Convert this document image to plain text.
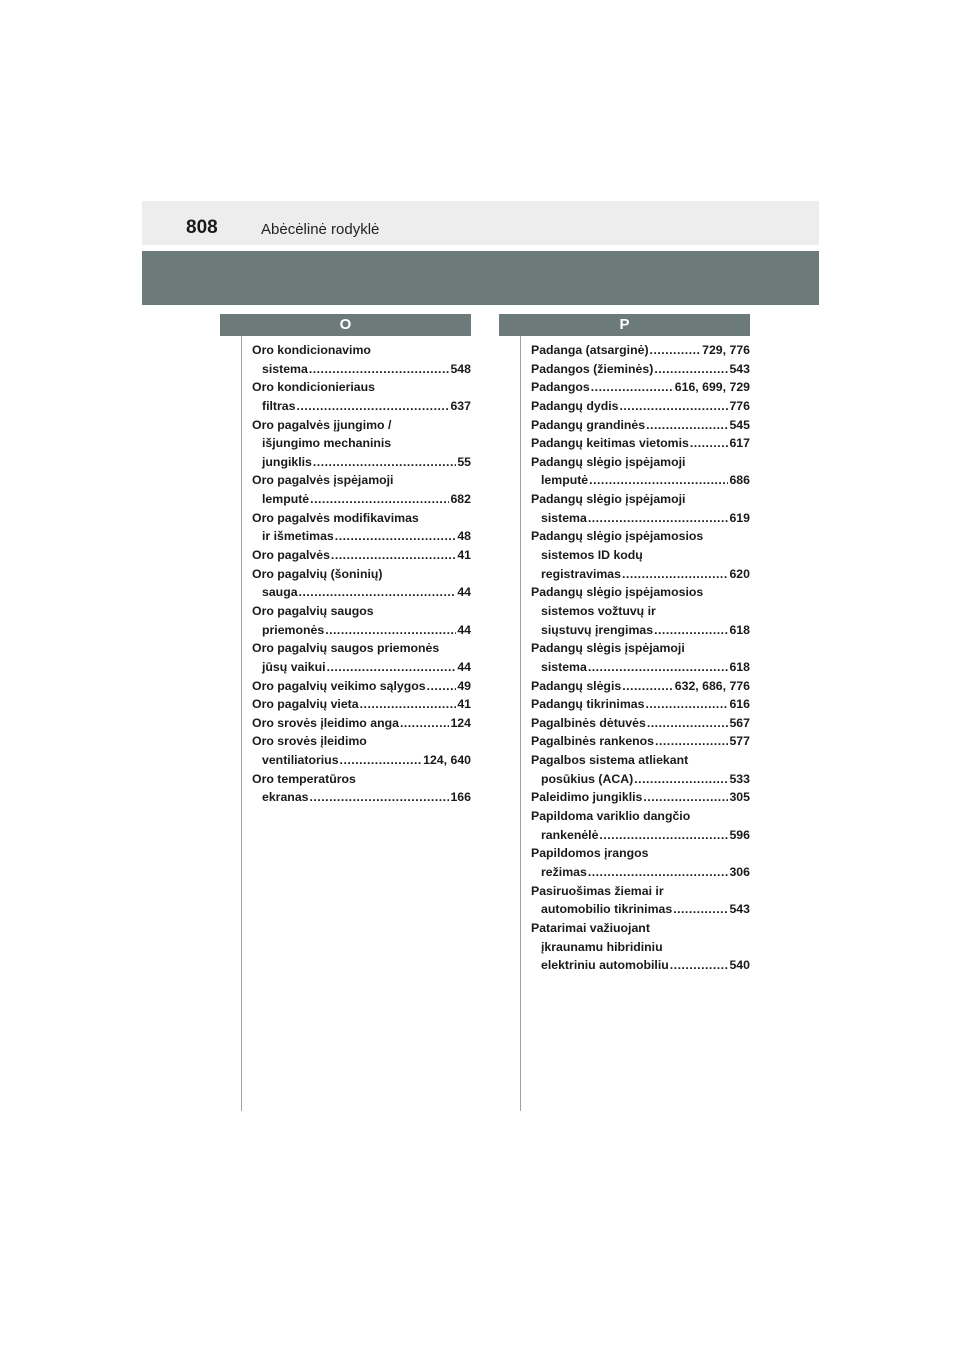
808	Abėcėlinė rodyklė
O	P
Oro kondicionavimo
sistema .....	548
Oro kondicionieriaus
filtras .....	637
Oro pagalvės įjungimo /
išjungimo mechaninis
jungiklis .....	55
Oro pagalvės įspėjamoji
lemputė .....	682
Oro pagalvės modifikavimas
ir išmetimas .....	48
Oro pagalvės .....	41
Oro pagalvių (šoninių)
sauga .....	44
Oro pagalvių saugos
priemonės .....	44
Oro pagalvių saugos priemonės
jūsų vaikui .....	44
Oro pagalvių veikimo sąlygos .....	49
Oro pagalvių vieta .....	41
Oro srovės įleidimo anga .....	124
Oro srovės įleidimo
ventiliatorius .....	124, 640
Oro temperatūros
ekranas .....	166
Padanga (atsarginė) .....	729, 776
Padangos (žieminės) .....	543
Padangos .....	616, 699, 729
Padangų dydis .....	776
Padangų grandinės .....	545
Padangų keitimas vietomis .....	617
Padangų slėgio įspėjamoji
lemputė .....	686
Padangų slėgio įspėjamoji
sistema .....	619
Padangų slėgio įspėjamosios
sistemos ID kodų
registravimas .....	620
Padangų slėgio įspėjamosios
sistemos vožtuvų ir
siųstuvų įrengimas .....	618
Padangų slėgis įspėjamoji
sistema .....	618
Padangų slėgis .....	632, 686, 776
Padangų tikrinimas .....	616
Pagalbinės dėtuvės .....	567
Pagalbinės rankenos .....	577
Pagalbos sistema atliekant
posūkius (ACA) .....	533
Paleidimo jungiklis .....	305
Papildoma variklio dangčio
rankenėlė .....	596
Papildomos įrangos
režimas .....	306
Pasiruošimas žiemai ir
automobilio tikrinimas .....	543
Patarimai važiuojant
įkraunamu hibridiniu
elektriniu automobiliu .....	540
